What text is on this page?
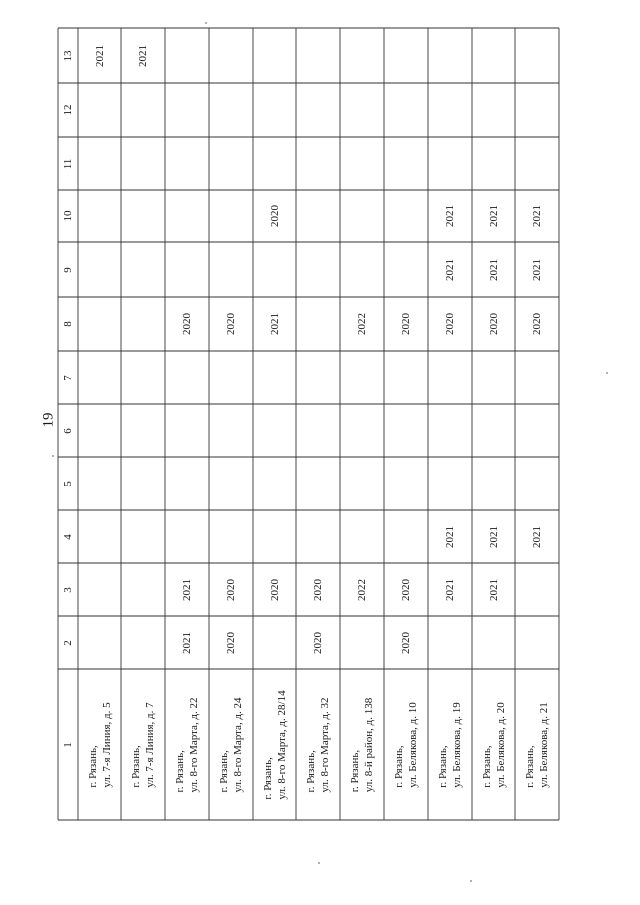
19
1
2
3
4
5
6
7
8
9
10
11
12
13
г. Рязань,
ул. 7-я Линия, д. 5
2021
г. Рязань,
ул. 7-я Линия, д. 7
2021
г. Рязань,
ул. 8-го Марта, д. 22
2021
2021
2020
г. Рязань,
ул. 8-го Марта, д. 24
2020
2020
2020
г. Рязань,
ул. 8-го Марта, д. 28/14
2020
2021
2020
г. Рязань,
ул. 8-го Марта, д. 32
2020
2020
г. Рязань,
ул. 8-й район, д. 138
2022
2022
г. Рязань,
ул. Белякова, д. 10
2020
2020
2020
г. Рязань,
ул. Белякова, д. 19
2021
2021
2020
2021
2021
г. Рязань,
ул. Белякова, д. 20
2021
2021
2020
2021
2021
г. Рязань,
ул. Белякова, д. 21
2021
2020
2021
2021
